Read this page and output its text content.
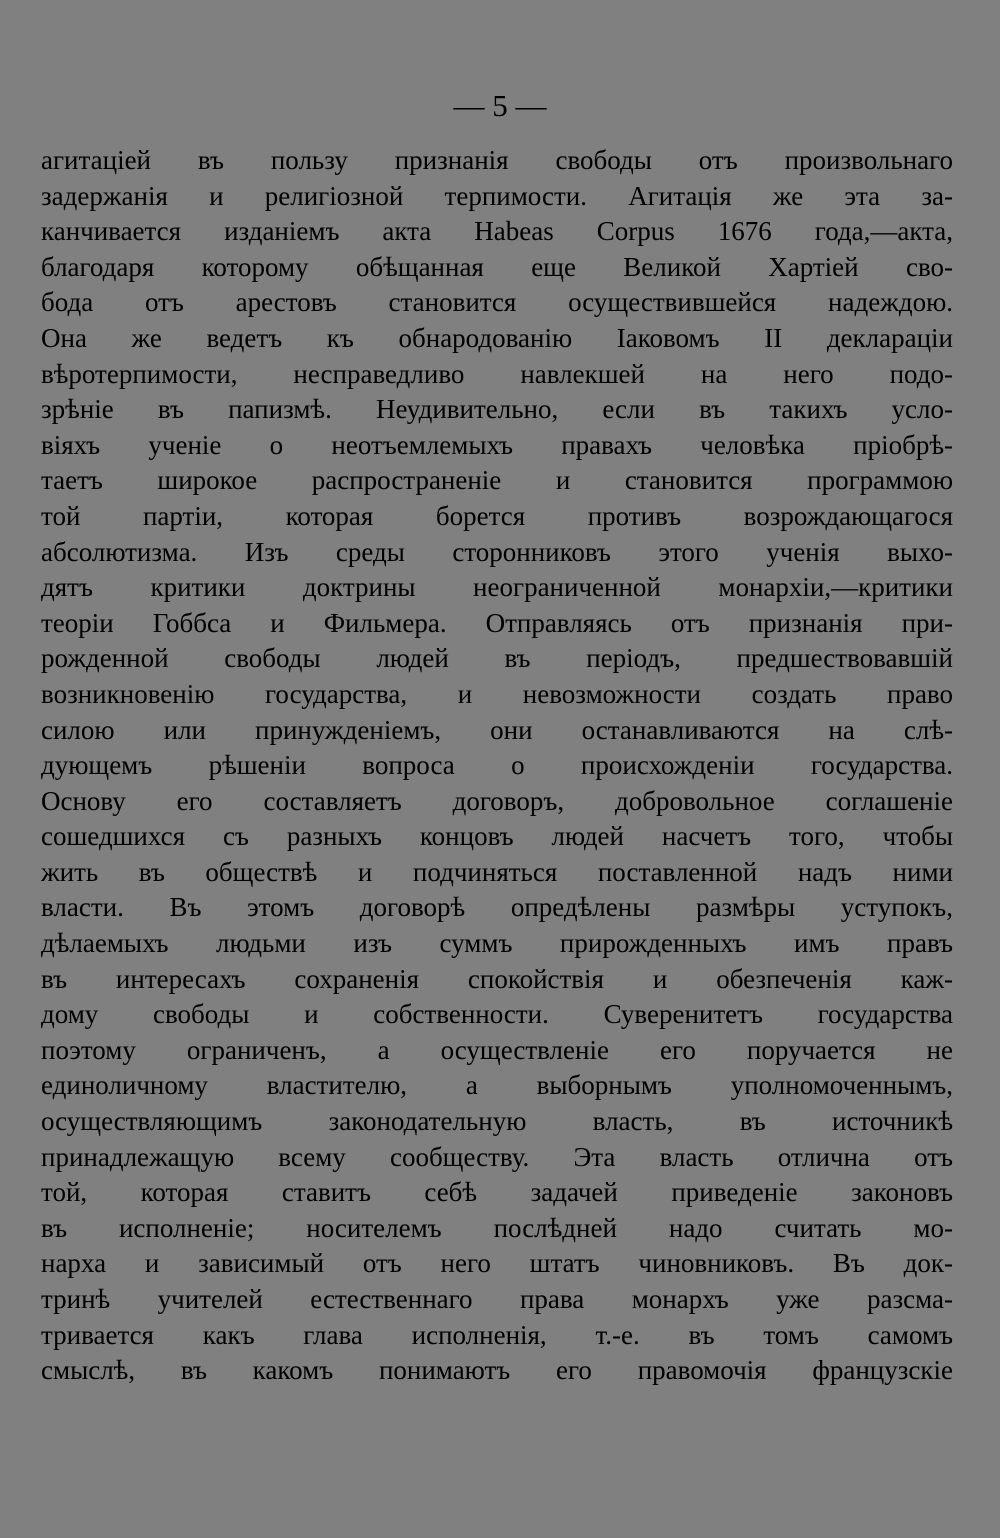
— 5 —
агитаціей въ пользу признанія свободы отъ произвольнаго
задержанія и религіозной терпимости. Агитація же эта за-
канчивается изданіемъ акта Habeas Corpus 1676 года,—акта,
благодаря которому обѣщанная еще Великой Хартіей сво-
бода отъ арестовъ становится осуществившейся надеждою.
Она же ведетъ къ обнародованію Іаковомъ II декларацiи
вѣротерпимости, несправедливо навлекшей на него подо-
зрѣніе въ папизмѣ. Неудивительно, если въ такихъ усло-
віяхъ ученіе о неотъемлемыхъ правахъ человѣка пріобрѣ-
таетъ широкое распространеніе и становится программою
той партіи, которая борется противъ возрождающагося
абсолютизма. Изъ среды сторонниковъ этого ученія выхо-
дятъ критики доктрины неограниченной монархіи,—критики
теоріи Гоббса и Фильмера. Отправляясь отъ признанія при-
рожденной свободы людей въ періодъ, предшествовавшій
возникновенію государства, и невозможности создать право
силою или принужденіемъ, они останавливаются на слѣ-
дующемъ рѣшеніи вопроса о происхожденіи государства.
Основу его составляетъ договоръ, добровольное соглашеніе
сошедшихся съ разныхъ концовъ людей насчетъ того, чтобы
жить въ обществѣ и подчиняться поставленной надъ ними
власти. Въ этомъ договорѣ опредѣлены размѣры уступокъ,
дѣлаемыхъ людьми изъ суммъ прирожденныхъ имъ правъ
въ интересахъ сохраненія спокойствія и обезпеченія каж-
дому свободы и собственности. Суверенитетъ государства
поэтому ограниченъ, а осуществленіе его поручается не
единоличному властителю, а выборнымъ уполномоченнымъ,
осуществляющимъ законодательную власть, въ источникѣ
принадлежащую всему сообществу. Эта власть отлична отъ
той, которая ставитъ себѣ задачей приведеніе законовъ
въ исполненіе; носителемъ послѣдней надо считать мо-
нарха и зависимый отъ него штатъ чиновниковъ. Въ док-
тринѣ учителей естественнаго права монархъ уже разсма-
тривается какъ глава исполненія, т.-е. въ томъ самомъ
смыслѣ, въ какомъ понимаютъ его правомочія французскіе
